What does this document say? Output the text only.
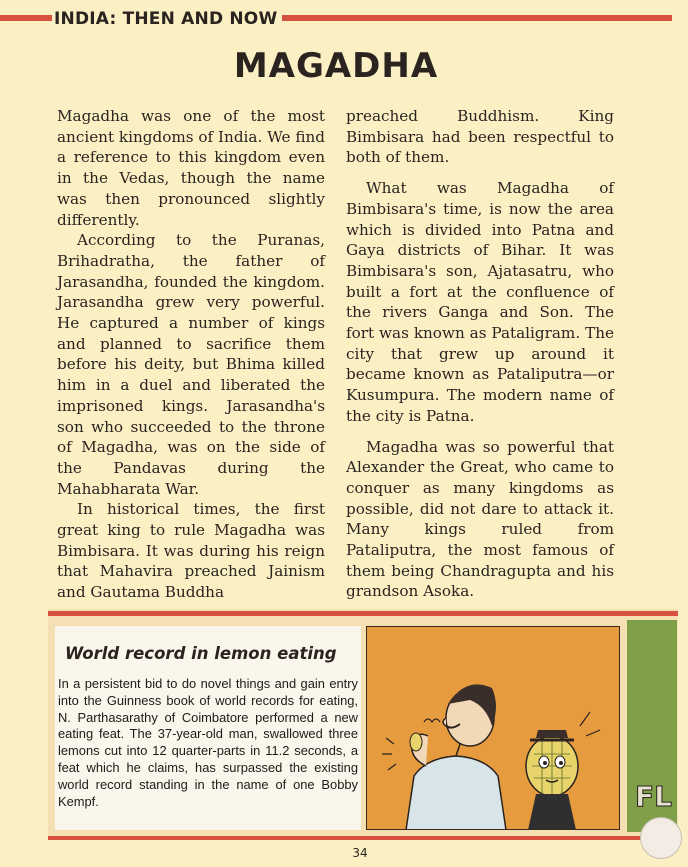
INDIA: THEN AND NOW
MAGADHA

Magadha was one of the most ancient kingdoms of India. We find a reference to this kingdom even in the Vedas, though the name was then pronounced slightly differently.

According to the Puranas, Brihadratha, the father of Jarasandha, founded the kingdom. Jarasandha grew very powerful. He captured a number of kings and planned to sacrifice them before his deity, but Bhima killed him in a duel and liberated the imprisoned kings. Jarasandha's son who succeeded to the throne of Magadha, was on the side of the Pandavas during the Mahabharata War.

In historical times, the first great king to rule Magadha was Bimbisara. It was during his reign that Mahavira preached Jainism and Gautama Buddha

preached Buddhism. King Bimbisara had been respectful to both of them.

What was Magadha of Bimbisara's time, is now the area which is divided into Patna and Gaya districts of Bihar. It was Bimbisara's son, Ajatasatru, who built a fort at the confluence of the rivers Ganga and Son. The fort was known as Pataligram. The city that grew up around it became known as Pataliputra—or Kusumpura. The modern name of the city is Patna.

Magadha was so powerful that Alexander the Great, who came to conquer as many kingdoms as possible, did not dare to attack it. Many kings ruled from Pataliputra, the most famous of them being Chandragupta and his grandson Asoka.

World record in lemon eating
In a persistent bid to do novel things and gain entry into the Guinness book of world records for eating, N. Parthasarathy of Coimbatore performed a new eating feat. The 37-year-old man, swallowed three lemons cut into 12 quarter-parts in 11.2 seconds, a feat which he claims, has surpassed the existing world record standing in the name of one Bobby Kempf.	FL
34
